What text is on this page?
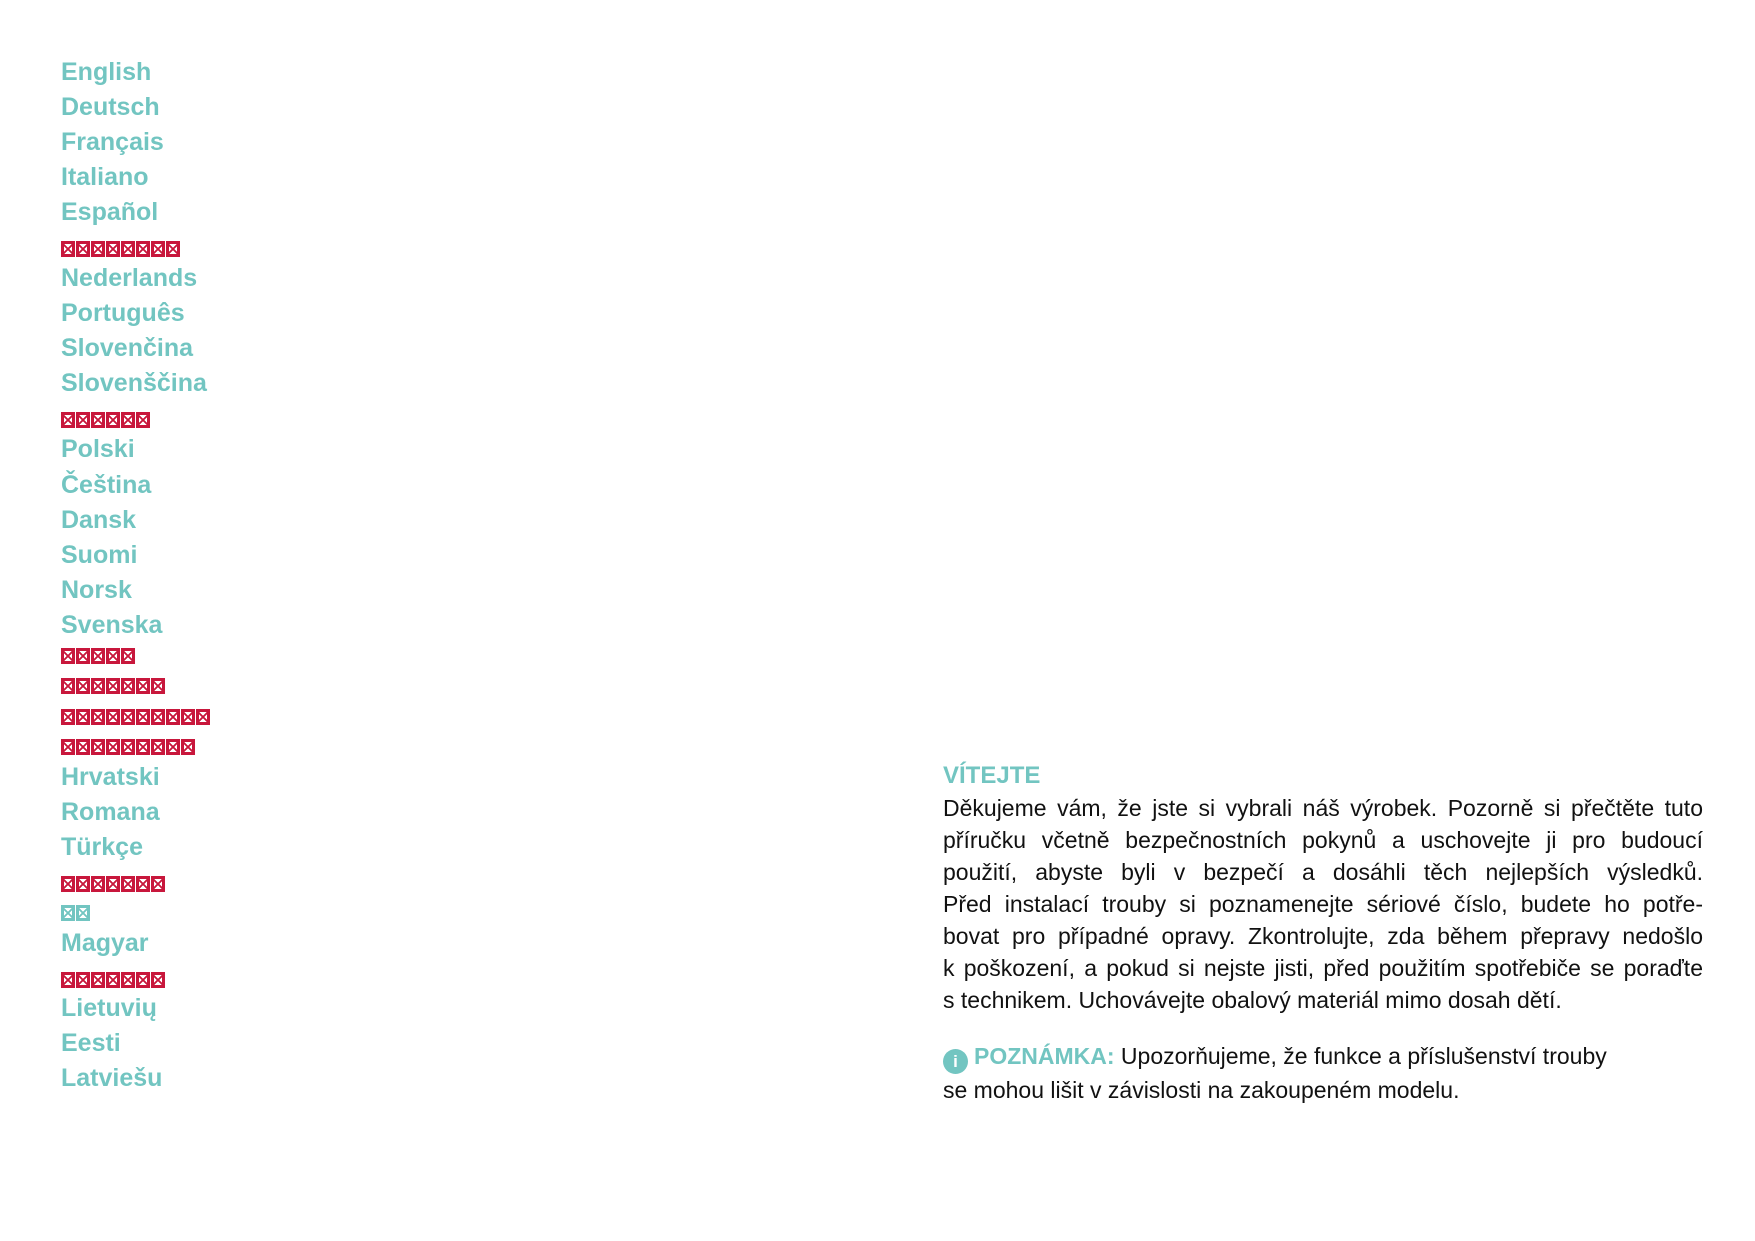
English
Deutsch
Français
Italiano
Español
Nederlands
Português
Slovenčina
Slovenščina
Polski
Čeština
Dansk
Suomi
Norsk
Svenska
Hrvatski
Romana
Türkçe
Magyar
Lietuvių
Eesti
Latviešu
VÍTEJTE

Děkujeme vám, že jste si vybrali náš výrobek. Pozorně si přečtěte tuto
příručku včetně bezpečnostních pokynů a uschovejte ji pro budoucí
použití, abyste byli v bezpečí a dosáhli těch nejlepších výsledků.
Před instalací trouby si poznamenejte sériové číslo, budete ho potře-
bovat pro případné opravy. Zkontrolujte, zda během přepravy nedošlo
k poškození, a pokud si nejste jisti, před použitím spotřebiče se poraďte
s technikem. Uchovávejte obalový materiál mimo dosah dětí.

i POZNÁMKA: Upozorňujeme, že funkce a příslušenství trouby
se mohou lišit v závislosti na zakoupeném modelu.
